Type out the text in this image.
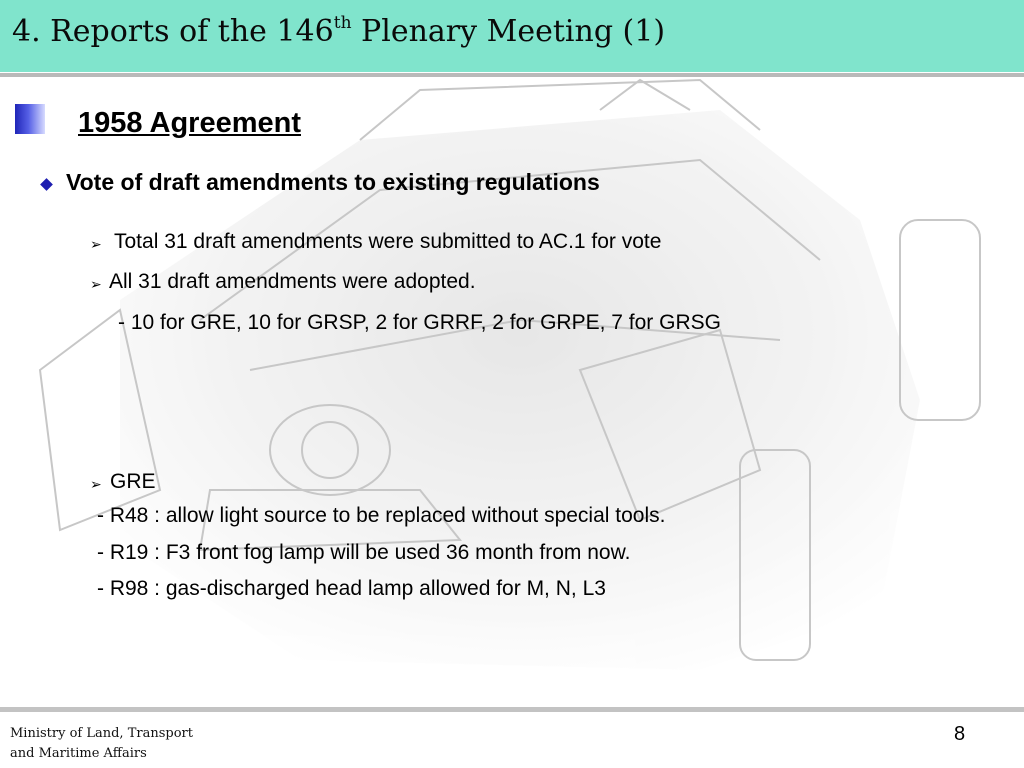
4. Reports of the 146th Plenary Meeting (1)
1958 Agreement
Vote of draft amendments to existing regulations
➢ Total 31 draft amendments were submitted to AC.1 for vote
➢ All 31 draft amendments were adopted.
- 10 for GRE, 10 for GRSP, 2 for GRRF, 2 for GRPE, 7 for GRSG
➢ GRE
- R48 : allow light source to be replaced without special tools.
- R19 : F3 front fog lamp will be used 36 month from now.
- R98 : gas-discharged head lamp allowed for M, N, L3
Ministry of Land, Transport
and Maritime Affairs
8
